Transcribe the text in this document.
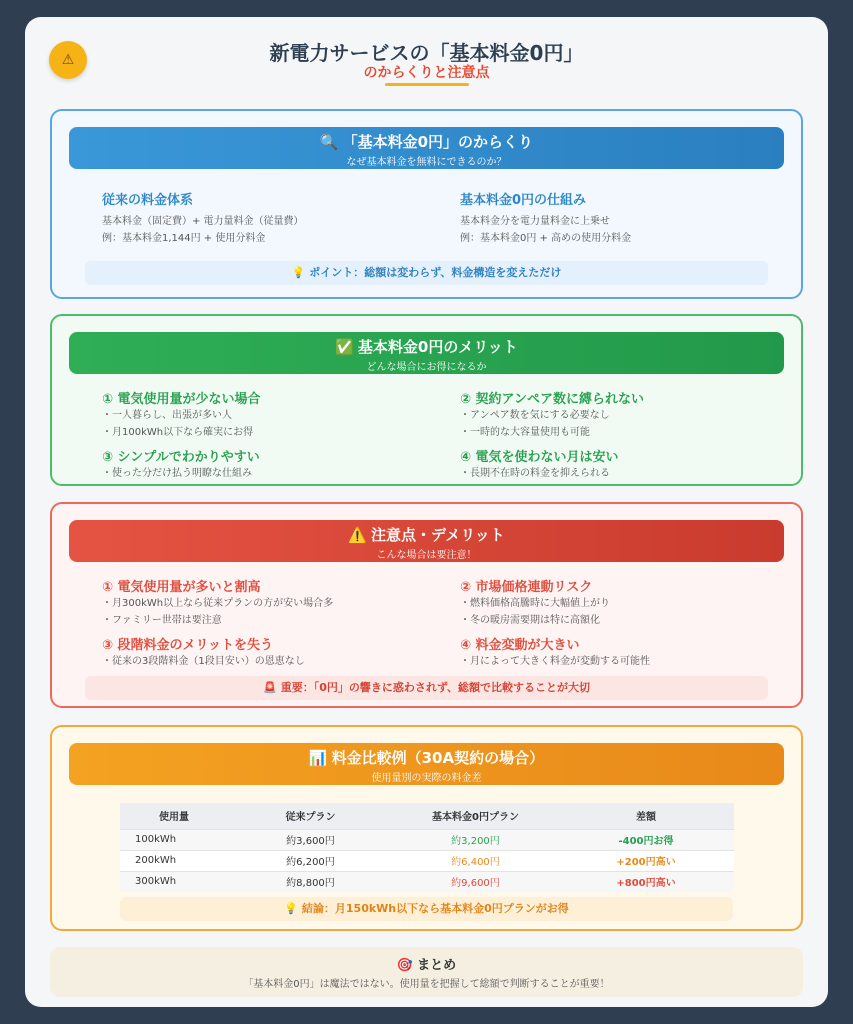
⚠	新電力サービスの「基本料金0円」
のからくりと注意点
🔍 「基本料金0円」のからくり
なぜ基本料金を無料にできるのか？
従来の料金体系
基本料金（固定費）+ 電力量料金（従量費）
例：基本料金1,144円 + 使用分料金
基本料金0円の仕組み
基本料金分を電力量料金に上乗せ
例：基本料金0円 + 高めの使用分料金
💡 ポイント：総額は変わらず、料金構造を変えただけ
✅ 基本料金0円のメリット
どんな場合にお得になるか
① 電気使用量が少ない場合
・一人暮らし、出張が多い人
・月100kWh以下なら確実にお得
② 契約アンペア数に縛られない
・アンペア数を気にする必要なし
・一時的な大容量使用も可能
③ シンプルでわかりやすい
・使った分だけ払う明瞭な仕組み
④ 電気を使わない月は安い
・長期不在時の料金を抑えられる
⚠️ 注意点・デメリット
こんな場合は要注意！
① 電気使用量が多いと割高
・月300kWh以上なら従来プランの方が安い場合多
・ファミリー世帯は要注意
② 市場価格連動リスク
・燃料価格高騰時に大幅値上がり
・冬の暖房需要期は特に高額化
③ 段階料金のメリットを失う
・従来の3段階料金（1段目安い）の恩恵なし
④ 料金変動が大きい
・月によって大きく料金が変動する可能性
🚨 重要：「0円」の響きに惑わされず、総額で比較することが大切
📊 料金比較例（30A契約の場合）
使用量別の実際の料金差
使用量	従来プラン	基本料金0円プラン	差額
100kWh	約3,600円	約3,200円	-400円お得
200kWh	約6,200円	約6,400円	+200円高い
300kWh	約8,800円	約9,600円	+800円高い
💡 結論：月150kWh以下なら基本料金0円プランがお得
🎯 まとめ
「基本料金0円」は魔法ではない。使用量を把握して総額で判断することが重要！
